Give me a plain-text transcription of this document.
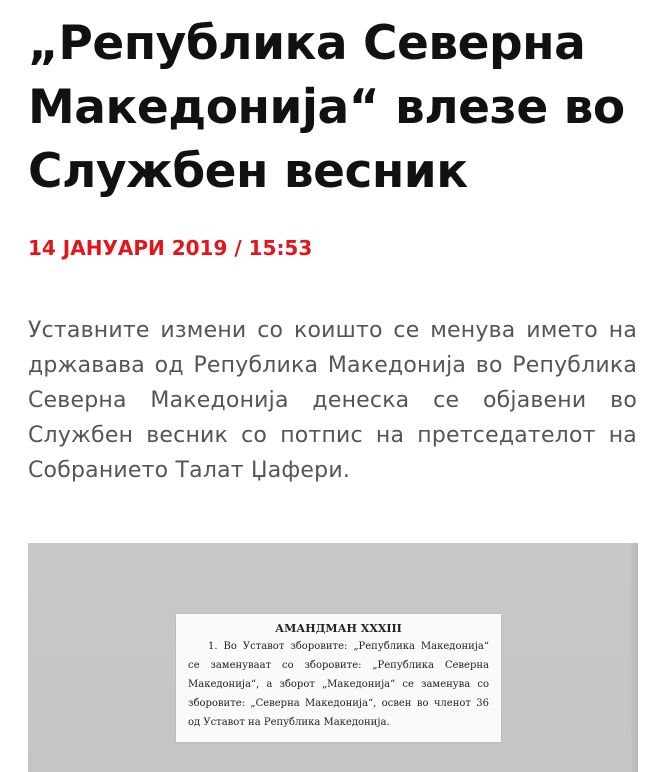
„Република Северна Македонија“ влезе во Службен весник

14 ЈАНУАРИ 2019 / 15:53

Уставните измени со коишто се менува името на државава од Република Македонија во Република Северна Македонија денеска се објавени во Службен весник со потпис на претседателот на Собранието Талат Џафери.

АМАНДМАН XXXIII

1. Во Уставот зборовите: „Република Македонија“ се заменуваат со зборовите: „Република Северна Македонија“, а зборот „Македонија“ се заменува со зборовите: „Северна Македонија“, освен во членот 36 од Уставот на Република Македонија.
